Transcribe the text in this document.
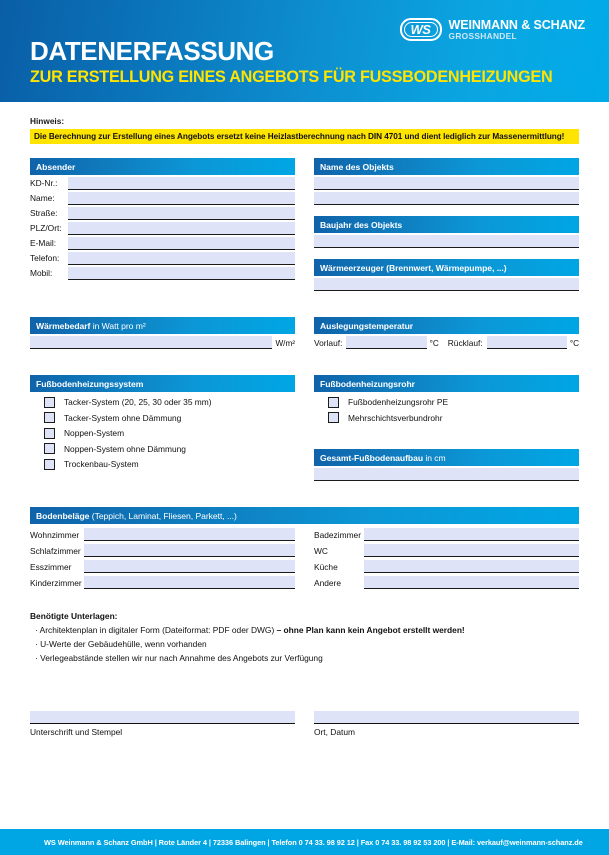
WS WEINMANN & SCHANZ
GROSSHANDEL
DATENERFASSUNG
ZUR ERSTELLUNG EINES ANGEBOTS FÜR FUSSBODENHEIZUNGEN
Hinweis:
Die Berechnung zur Erstellung eines Angebots ersetzt keine Heizlastberechnung nach DIN 4701 und dient lediglich zur Massenermittlung!
Absender
KD-Nr.:
Name:
Straße:
PLZ/Ort:
E-Mail:
Telefon:
Mobil:
Name des Objekts
Baujahr des Objekts
Wärmeerzeuger (Brennwert, Wärmepumpe, ...)
Wärmebedarf in Watt pro m²
W/m²
Auslegungstemperatur
Vorlauf:	°C Rücklauf:	°C
Fußbodenheizungssystem
Tacker-System (20, 25, 30 oder 35 mm)
Tacker-System ohne Dämmung
Noppen-System
Noppen-System ohne Dämmung
Trockenbau-System
Fußbodenheizungsrohr
Fußbodenheizungsrohr PE
Mehrschichtsverbundrohr
Gesamt-Fußbodenaufbau in cm
Bodenbeläge (Teppich, Laminat, Fliesen, Parkett, ...)
Wohnzimmer
Schlafzimmer
Esszimmer
Kinderzimmer
Badezimmer
WC
Küche
Andere
Benötigte Unterlagen:
· Architektenplan in digitaler Form (Dateiformat: PDF oder DWG) – ohne Plan kann kein Angebot erstellt werden!
· U-Werte der Gebäudehülle, wenn vorhanden
· Verlegeabstände stellen wir nur nach Annahme des Angebots zur Verfügung
Unterschrift und Stempel	Ort, Datum
WS Weinmann & Schanz GmbH | Rote Länder 4 | 72336 Balingen | Telefon 0 74 33. 98 92 12 | Fax 0 74 33. 98 92 53 200 | E-Mail: verkauf@weinmann-schanz.de
